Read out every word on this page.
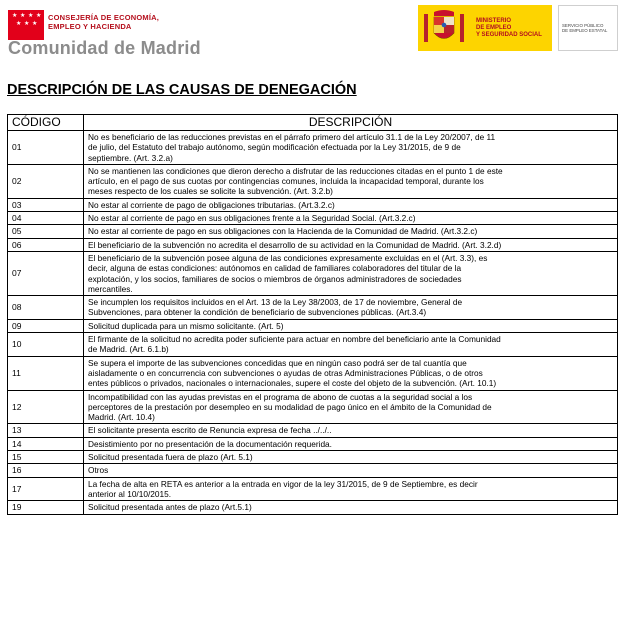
★ ★ ★ ★
★ ★ ★
CONSEJERÍA DE ECONOMÍA,
EMPLEO Y HACIENDA
Comunidad de Madrid
MINISTERIO
DE EMPLEO
Y SEGURIDAD SOCIAL
SERVICIO PÚBLICO
DE EMPLEO ESTATAL
DESCRIPCIÓN DE LAS CAUSAS DE DENEGACIÓN
CÓDIGO	DESCRIPCIÓN
01	No es beneficiario de las reducciones previstas en el párrafo primero del artículo 31.1 de la Ley 20/2007, de 11
de julio, del Estatuto del trabajo autónomo, según modificación efectuada por la Ley 31/2015, de 9 de
septiembre. (Art. 3.2.a)

02	No se mantienen las condiciones que dieron derecho a disfrutar de las reducciones citadas en el punto 1 de este
artículo, en el pago de sus cuotas por contingencias comunes, incluida la incapacidad temporal, durante los
meses respecto de los cuales se solicite la subvención. (Art. 3.2.b)

03	No estar al corriente de pago de obligaciones tributarias. (Art.3.2.c)

04	No estar al corriente de pago en sus obligaciones frente a la Seguridad Social. (Art.3.2.c)

05	No estar al corriente de pago en sus obligaciones con la Hacienda de la Comunidad de Madrid. (Art.3.2.c)

06	El beneficiario de la subvención no acredita el desarrollo de su actividad en la Comunidad de Madrid. (Art. 3.2.d)

07	El beneficiario de la subvención posee alguna de las condiciones expresamente excluidas en el (Art. 3.3), es
decir, alguna de estas condiciones: autónomos en calidad de familiares colaboradores del titular de la
explotación, y los socios, familiares de socios o miembros de órganos administradores de sociedades
mercantiles.

08	Se incumplen los requisitos incluidos en el Art. 13 de la Ley 38/2003, de 17 de noviembre, General de
Subvenciones, para obtener la condición de beneficiario de subvenciones públicas. (Art.3.4)

09	Solicitud duplicada para un mismo solicitante. (Art. 5)

10	El firmante de la solicitud no acredita poder suficiente para actuar en nombre del beneficiario ante la Comunidad
de Madrid. (Art. 6.1.b)

11	Se supera el importe de las subvenciones concedidas que en ningún caso podrá ser de tal cuantía que
aisladamente o en concurrencia con subvenciones o ayudas de otras Administraciones Públicas, o de otros
entes públicos o privados, nacionales o internacionales, supere el coste del objeto de la subvención. (Art. 10.1)

12	Incompatibilidad con las ayudas previstas en el programa de abono de cuotas a la seguridad social a los
perceptores de la prestación por desempleo en su modalidad de pago único en el ámbito de la Comunidad de
Madrid. (Art. 10.4)

13	El solicitante presenta escrito de Renuncia expresa de fecha ../../..

14	Desistimiento por no presentación de la documentación requerida.

15	Solicitud presentada fuera de plazo (Art. 5.1)

16	Otros

17	La fecha de alta en RETA es anterior a la entrada en vigor de la ley 31/2015, de 9 de Septiembre, es decir
anterior al 10/10/2015.

19	Solicitud presentada antes de plazo (Art.5.1)
